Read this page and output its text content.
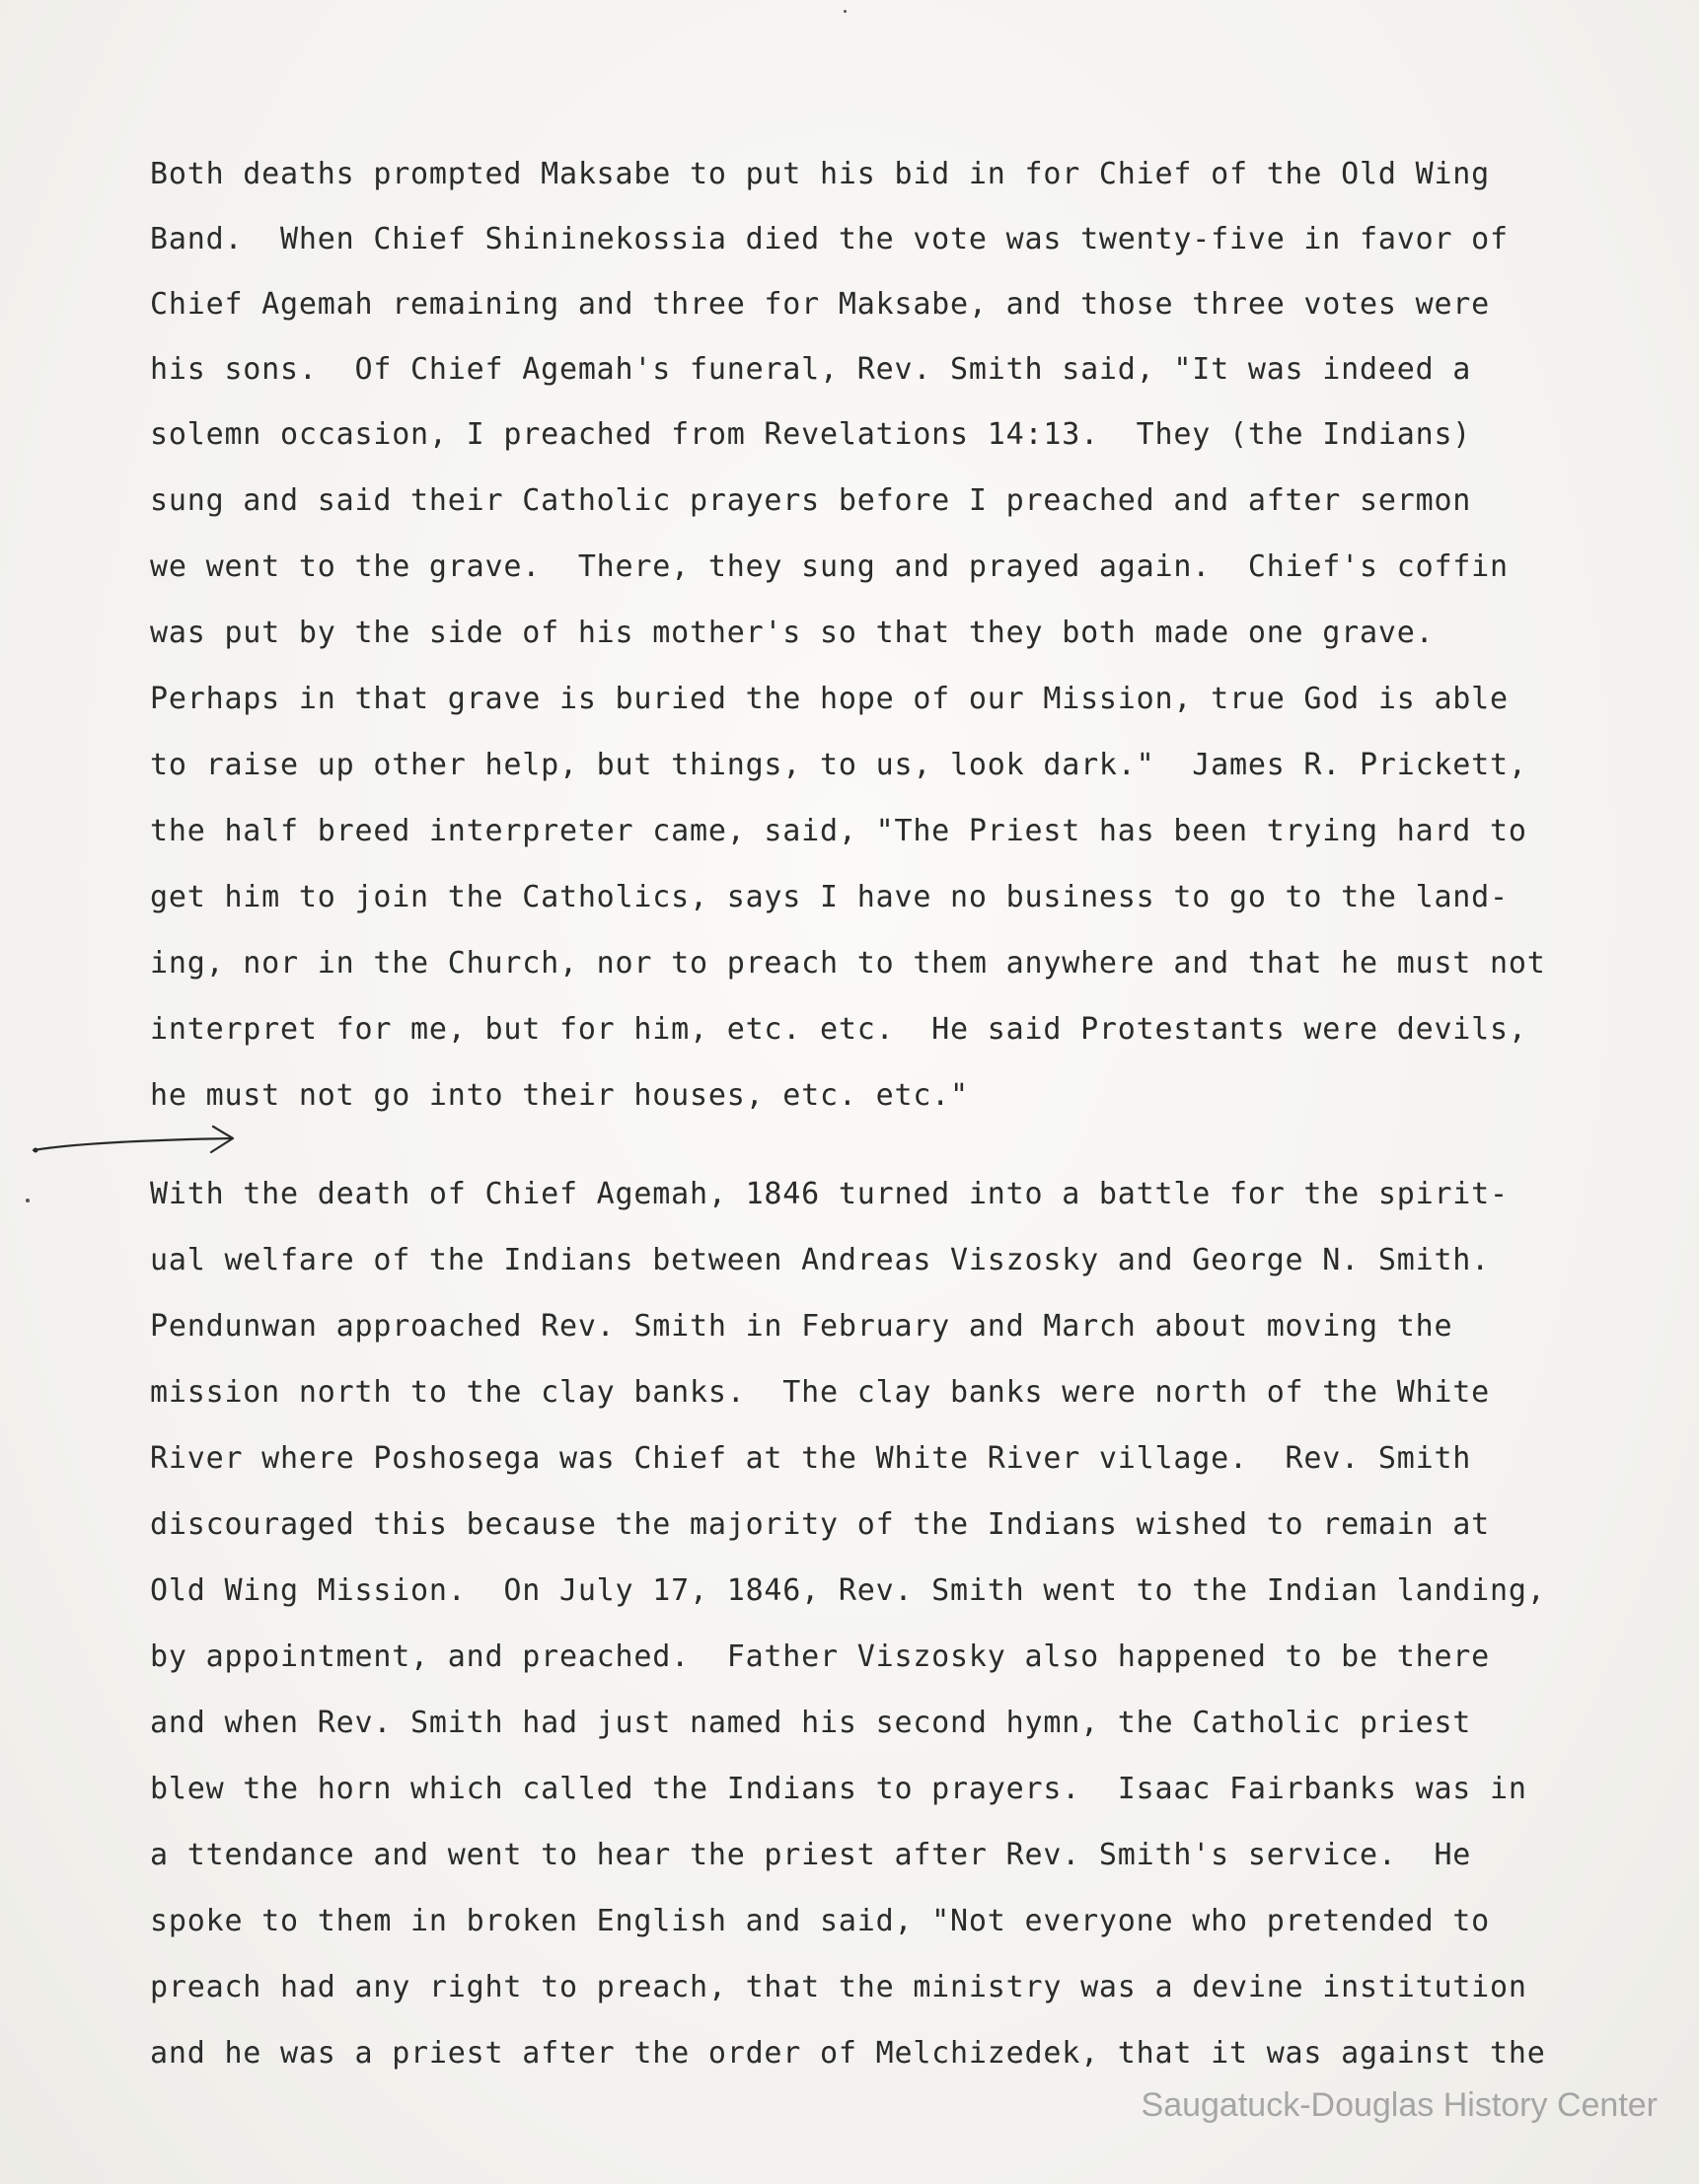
Both deaths prompted Maksabe to put his bid in for Chief of the Old Wing
Band.  When Chief Shininekossia died the vote was twenty-five in favor of
Chief Agemah remaining and three for Maksabe, and those three votes were
his sons.  Of Chief Agemah's funeral, Rev. Smith said, "It was indeed a
solemn occasion, I preached from Revelations 14:13.  They (the Indians)
sung and said their Catholic prayers before I preached and after sermon
we went to the grave.  There, they sung and prayed again.  Chief's coffin
was put by the side of his mother's so that they both made one grave.
Perhaps in that grave is buried the hope of our Mission, true God is able
to raise up other help, but things, to us, look dark."  James R. Prickett,
the half breed interpreter came, said, "The Priest has been trying hard to
get him to join the Catholics, says I have no business to go to the land-
ing, nor in the Church, nor to preach to them anywhere and that he must not
interpret for me, but for him, etc. etc.  He said Protestants were devils,
he must not go into their houses, etc. etc."
With the death of Chief Agemah, 1846 turned into a battle for the spirit-
ual welfare of the Indians between Andreas Viszosky and George N. Smith.
Pendunwan approached Rev. Smith in February and March about moving the
mission north to the clay banks.  The clay banks were north of the White
River where Poshosega was Chief at the White River village.  Rev. Smith
discouraged this because the majority of the Indians wished to remain at
Old Wing Mission.  On July 17, 1846, Rev. Smith went to the Indian landing,
by appointment, and preached.  Father Viszosky also happened to be there
and when Rev. Smith had just named his second hymn, the Catholic priest
blew the horn which called the Indians to prayers.  Isaac Fairbanks was in
a ttendance and went to hear the priest after Rev. Smith's service.  He
spoke to them in broken English and said, "Not everyone who pretended to
preach had any right to preach, that the ministry was a devine institution
and he was a priest after the order of Melchizedek, that it was against the
Saugatuck-Douglas History Center
